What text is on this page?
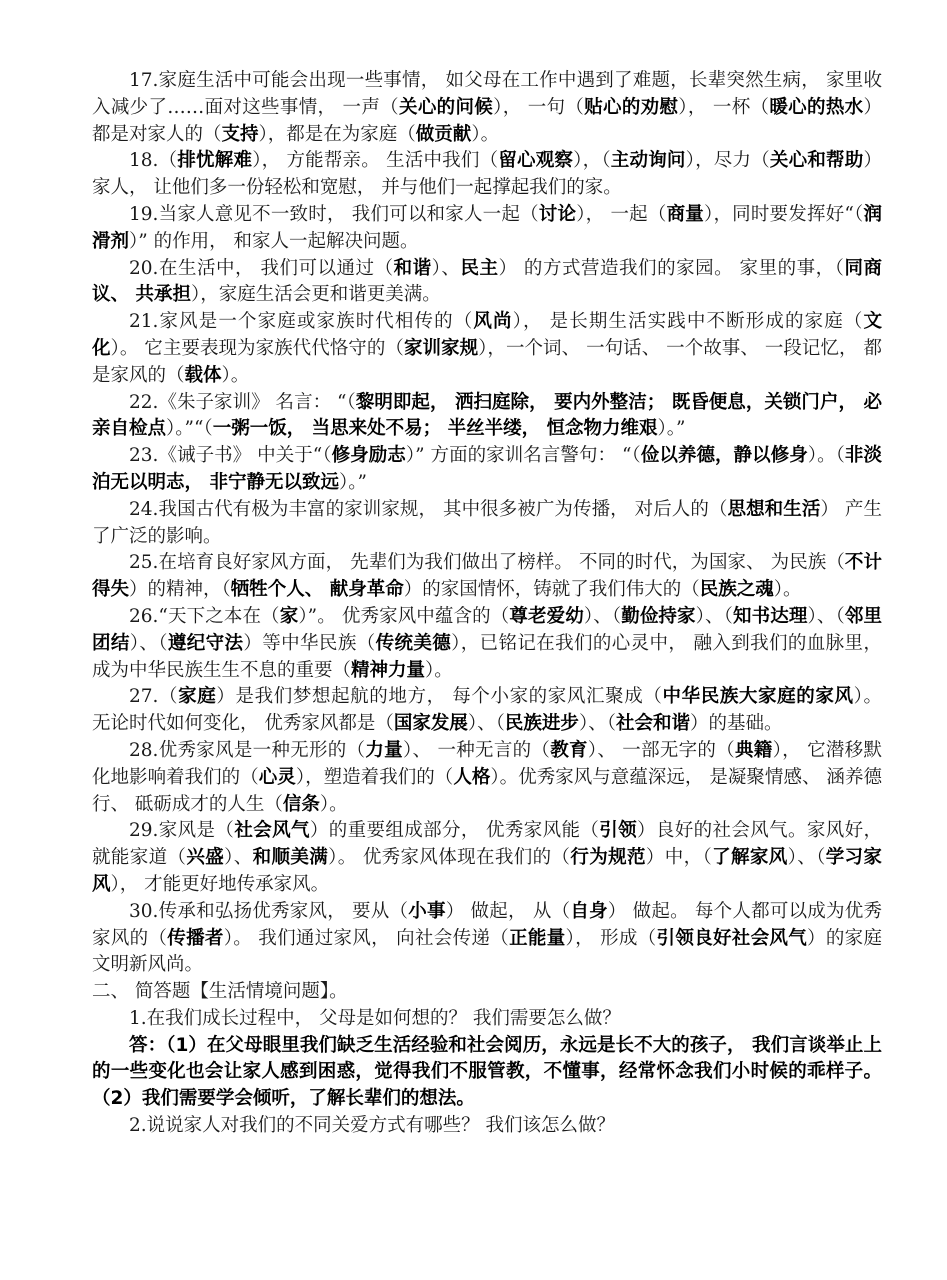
17.家庭生活中可能会出现一些事情， 如父母在工作中遇到了难题，长辈突然生病， 家里收入减少了……面对这些事情， 一声（关心的问候）， 一句（贴心的劝慰）， 一杯（暖心的热水） 都是对家人的（支持），都是在为家庭（做贡献）。

18.（排忧解难）， 方能帮亲。 生活中我们（留心观察），（主动询问），尽力（关心和帮助） 家人， 让他们多一份轻松和宽慰， 并与他们一起撑起我们的家。

19.当家人意见不一致时， 我们可以和家人一起（讨论）， 一起（商量），同时要发挥好“（润滑剂）” 的作用， 和家人一起解决问题。

20.在生活中， 我们可以通过（和谐）、民主） 的方式营造我们的家园。 家里的事，（同商议、 共承担），家庭生活会更和谐更美满。

21.家风是一个家庭或家族时代相传的（风尚）， 是长期生活实践中不断形成的家庭（文化）。 它主要表现为家族代代恪守的（家训家规），一个词、 一句话、 一个故事、 一段记忆， 都是家风的（载体）。

22.《朱子家训》 名言： “（黎明即起， 洒扫庭除， 要内外整洁； 既昏便息，关锁门户， 必亲自检点）。”“（一粥一饭， 当思来处不易； 半丝半缕， 恒念物力维艰）。”

23.《诫子书》 中关于“（修身励志）” 方面的家训名言警句： “（俭以养德，静以修身）。（非淡泊无以明志， 非宁静无以致远）。”

24.我国古代有极为丰富的家训家规， 其中很多被广为传播， 对后人的（思想和生活） 产生了广泛的影响。

25.在培育良好家风方面， 先辈们为我们做出了榜样。 不同的时代，为国家、 为民族（不计得失）的精神，（牺牲个人、 献身革命）的家国情怀，铸就了我们伟大的（民族之魂）。

26.“天下之本在（家）”。 优秀家风中蕴含的（尊老爱幼）、（勤俭持家）、（知书达理）、（邻里团结）、（遵纪守法）等中华民族（传统美德），已铭记在我们的心灵中， 融入到我们的血脉里， 成为中华民族生生不息的重要（精神力量）。

27.（家庭）是我们梦想起航的地方， 每个小家的家风汇聚成（中华民族大家庭的家风）。 无论时代如何变化， 优秀家风都是（国家发展）、（民族进步）、（社会和谐）的基础。

28.优秀家风是一种无形的（力量）、 一种无言的（教育）、 一部无字的（典籍）， 它潜移默化地影响着我们的（心灵），塑造着我们的（人格）。优秀家风与意蕴深远， 是凝聚情感、 涵养德行、 砥砺成才的人生（信条）。

29.家风是（社会风气）的重要组成部分， 优秀家风能（引领）良好的社会风气。家风好， 就能家道（兴盛）、和顺美满）。 优秀家风体现在我们的（行为规范）中，（了解家风）、（学习家风）， 才能更好地传承家风。

30.传承和弘扬优秀家风， 要从（小事） 做起， 从（自身） 做起。 每个人都可以成为优秀家风的（传播者）。 我们通过家风， 向社会传递（正能量）， 形成（引领良好社会风气）的家庭文明新风尚。

二、 简答题【生活情境问题】。

1.在我们成长过程中， 父母是如何想的？ 我们需要怎么做？

答：（1）在父母眼里我们缺乏生活经验和社会阅历，永远是长不大的孩子， 我们言谈举止上的一些变化也会让家人感到困惑，觉得我们不服管教，不懂事，经常怀念我们小时候的乖样子。（2）我们需要学会倾听，了解长辈们的想法。

2.说说家人对我们的不同关爱方式有哪些？ 我们该怎么做？
